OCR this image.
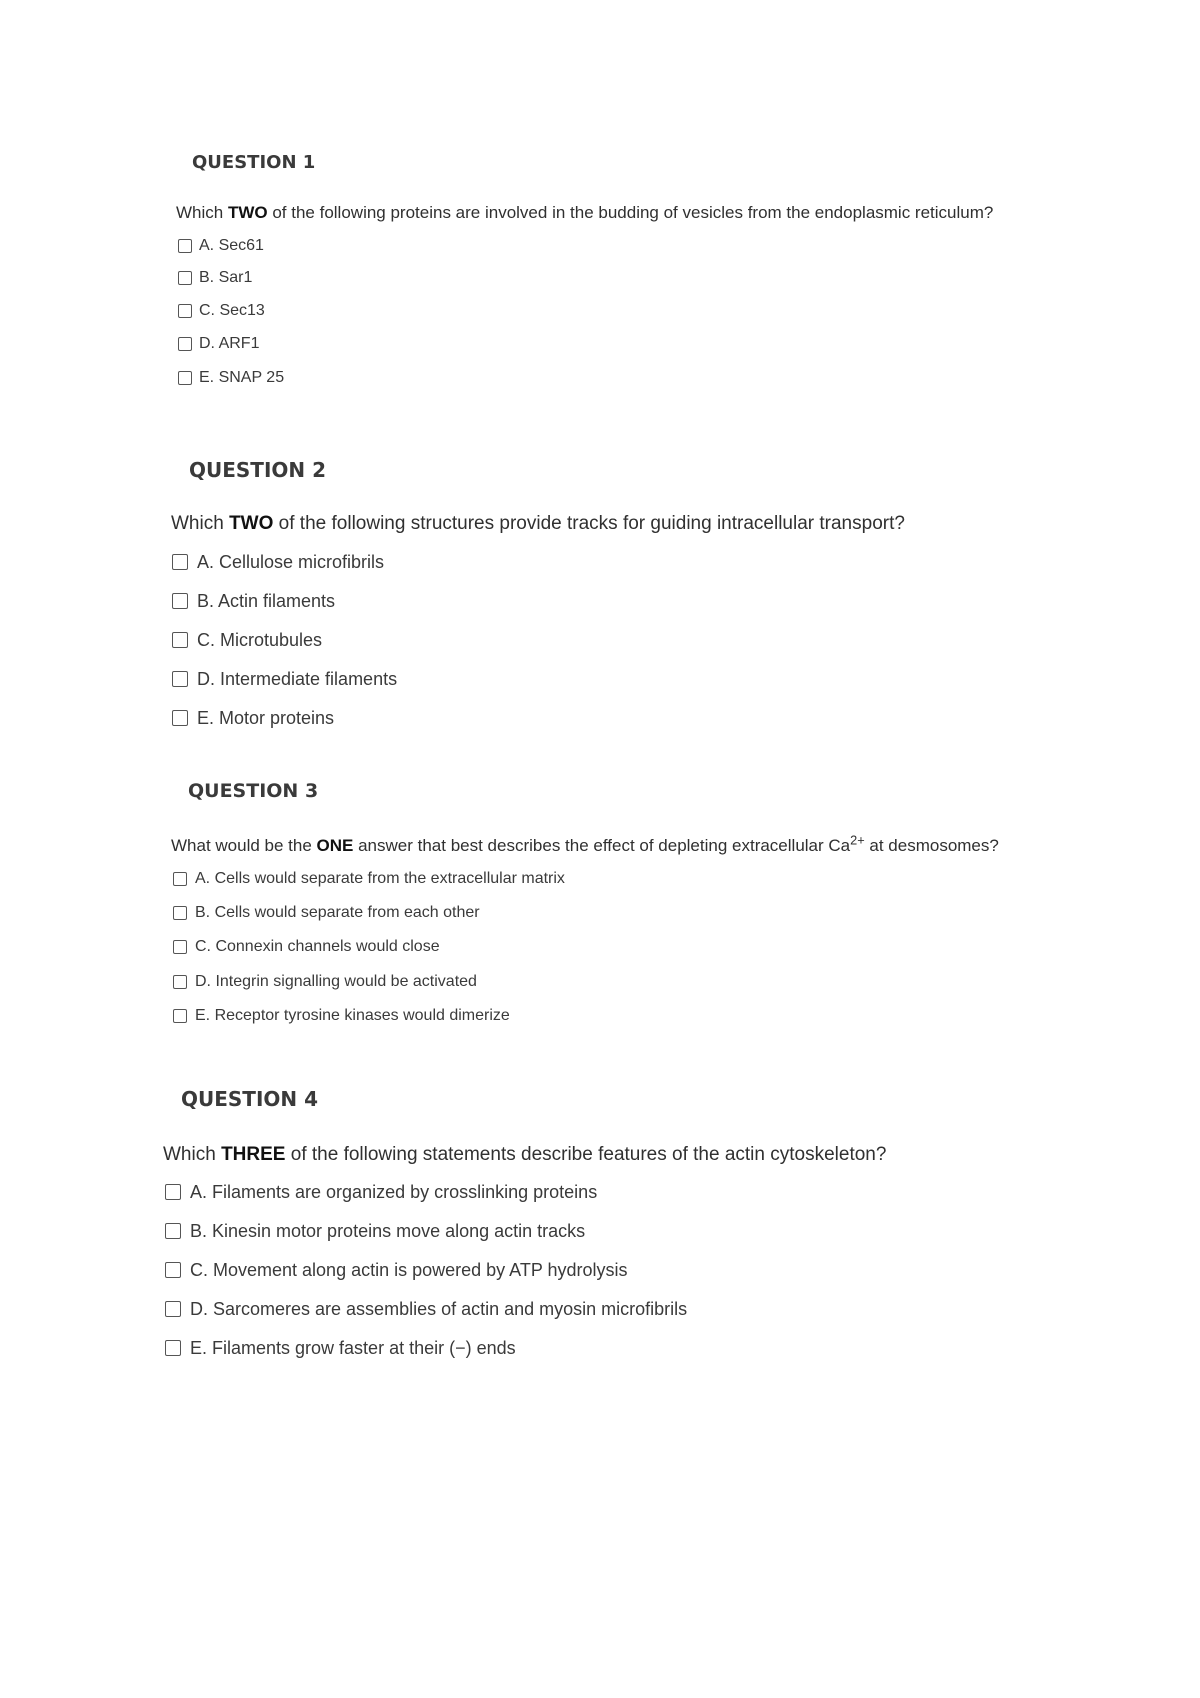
QUESTION 1

Which TWO of the following proteins are involved in the budding of vesicles from the endoplasmic reticulum?

A. Sec61
B. Sar1
C. Sec13
D. ARF1
E. SNAP 25
QUESTION 2

Which TWO of the following structures provide tracks for guiding intracellular transport?

A. Cellulose microfibrils
B. Actin filaments
C. Microtubules
D. Intermediate filaments
E. Motor proteins
QUESTION 3

What would be the ONE answer that best describes the effect of depleting extracellular $Ca^{2+}$ at desmosomes?

A. Cells would separate from the extracellular matrix
B. Cells would separate from each other
C. Connexin channels would close
D. Integrin signalling would be activated
E. Receptor tyrosine kinases would dimerize
QUESTION 4

Which THREE of the following statements describe features of the actin cytoskeleton?

A. Filaments are organized by crosslinking proteins
B. Kinesin motor proteins move along actin tracks
C. Movement along actin is powered by ATP hydrolysis
D. Sarcomeres are assemblies of actin and myosin microfibrils
E. Filaments grow faster at their (−) ends
